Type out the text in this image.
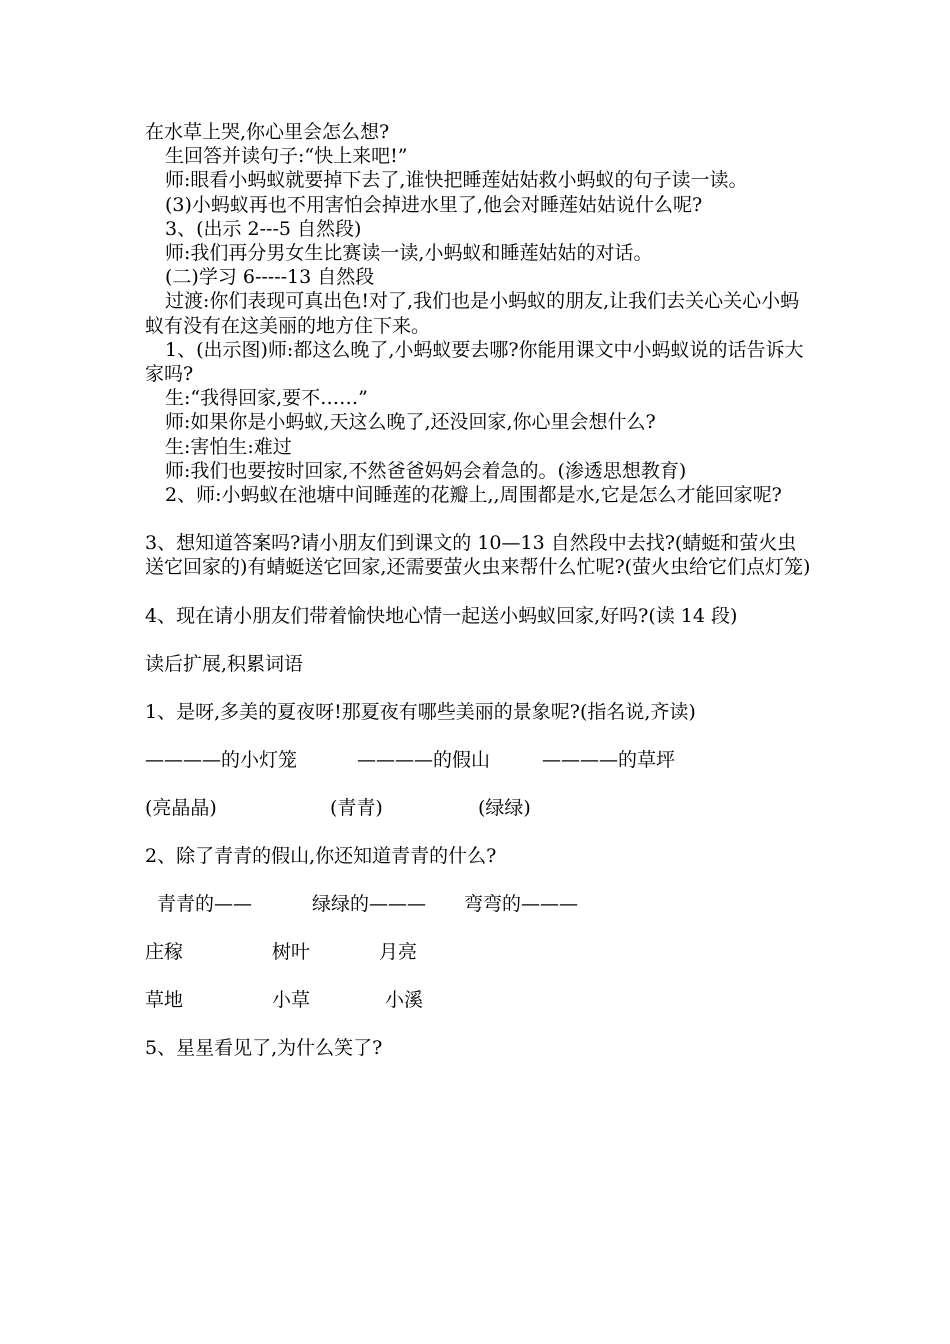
在水草上哭,你心里会怎么想?

生回答并读句子:“快上来吧!”

师:眼看小蚂蚁就要掉下去了,谁快把睡莲姑姑救小蚂蚁的句子读一读。

(3)小蚂蚁再也不用害怕会掉进水里了,他会对睡莲姑姑说什么呢?

3、(出示 2---5 自然段)

师:我们再分男女生比赛读一读,小蚂蚁和睡莲姑姑的对话。

(二)学习 6-----13 自然段

过渡:你们表现可真出色!对了,我们也是小蚂蚁的朋友,让我们去关心关心小蚂蚁有没有在这美丽的地方住下来。

1、(出示图)师:都这么晚了,小蚂蚁要去哪?你能用课文中小蚂蚁说的话告诉大家吗?

生:“我得回家,要不……”

师:如果你是小蚂蚁,天这么晚了,还没回家,你心里会想什么?

生:害怕生:难过

师:我们也要按时回家,不然爸爸妈妈会着急的。(渗透思想教育)

2、师:小蚂蚁在池塘中间睡莲的花瓣上,,周围都是水,它是怎么才能回家呢?

3、想知道答案吗?请小朋友们到课文的 10—13 自然段中去找?(蜻蜓和萤火虫送它回家的)有蜻蜓送它回家,还需要萤火虫来帮什么忙呢?(萤火虫给它们点灯笼)

4、现在请小朋友们带着愉快地心情一起送小蚂蚁回家,好吗?(读 14 段)

读后扩展,积累词语

1、是呀,多美的夏夜呀!那夏夜有哪些美丽的景象呢?(指名说,齐读)

————的小灯笼	————的假山	————的草坪
(亮晶晶)	(青青)	(绿绿)

2、除了青青的假山,你还知道青青的什么?

青青的——	绿绿的———	弯弯的———
庄稼	树叶	月亮
草地	小草	小溪

5、星星看见了,为什么笑了?
